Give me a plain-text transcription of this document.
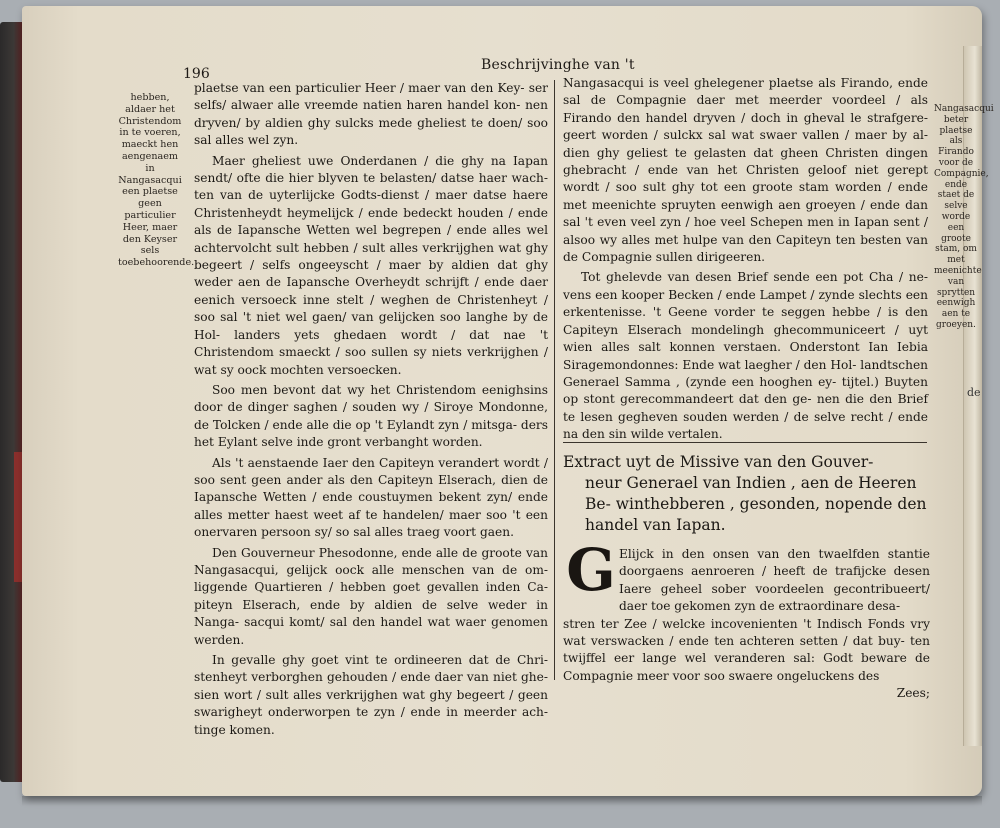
de
196
Beschrijvinghe van 't
hebben, aldaer het Christendom in te voeren, maeckt hen aengenaem in Nangasacqui een plaetse geen particulier Heer, maer den Keyser sels toebehoorende.

plaetse van een particulier Heer / maer van den Key- ser selfs/ alwaer alle vreemde natien haren handel kon- nen dryven/ by aldien ghy sulcks mede gheliest te doen/ soo sal alles wel zyn.

Maer gheliest uwe Onderdanen / die ghy na Iapan sendt/ ofte die hier blyven te belasten/ datse haer wach- ten van de uyterlijcke Godts-dienst / maer datse haere Christenheydt heymelijck / ende bedeckt houden / ende als de Iapansche Wetten wel begrepen / ende alles wel achtervolcht sult hebben / sult alles verkrijghen wat ghy begeert / selfs ongeeyscht / maer by aldien dat ghy weder aen de Iapansche Overheydt schrijft / ende daer eenich versoeck inne stelt / weghen de Christenheyt / soo sal 't niet wel gaen/ van gelijcken soo langhe by de Hol- landers yets ghedaen wordt / dat nae 't Christendom smaeckt / soo sullen sy niets verkrijghen / wat sy oock mochten versoecken.

Soo men bevont dat wy het Christendom eenighsins door de dinger saghen / souden wy / Siroye Mondonne, de Tolcken / ende alle die op 't Eylandt zyn / mitsga- ders het Eylant selve inde gront verbanght worden.

Als 't aenstaende Iaer den Capiteyn verandert wordt / soo sent geen ander als den Capiteyn Elserach, dien de Iapansche Wetten / ende coustuymen bekent zyn/ ende alles metter haest weet af te handelen/ maer soo 't een onervaren persoon sy/ so sal alles traeg voort gaen.

Den Gouverneur Phesodonne, ende alle de groote van Nangasacqui, gelijck oock alle menschen van de om- liggende Quartieren / hebben goet gevallen inden Ca- piteyn Elserach, ende by aldien de selve weder in Nanga- sacqui komt/ sal den handel wat waer genomen werden.

In gevalle ghy goet vint te ordineeren dat de Chri- stenheyt verborghen gehouden / ende daer van niet ghe- sien wort / sult alles verkrijghen wat ghy begeert / geen swarigheyt onderworpen te zyn / ende in meerder ach- tinge komen.

Nangasacqui is veel ghelegener plaetse als Firando, ende sal de Compagnie daer met meerder voordeel / als Firando den handel dryven / doch in gheval le strafgere- geert worden / sulckx sal wat swaer vallen / maer by al- dien ghy geliest te gelasten dat gheen Christen dingen ghebracht / ende van het Christen geloof niet gerept wordt / soo sult ghy tot een groote stam worden / ende met meenichte spruyten eenwigh aen groeyen / ende dan sal 't even veel zyn / hoe veel Schepen men in Iapan sent / alsoo wy alles met hulpe van den Capiteyn ten besten van de Compagnie sullen dirigeeren.

Tot ghelevde van desen Brief sende een pot Cha / ne- vens een kooper Becken / ende Lampet / zynde slechts een erkentenisse. 't Geene vorder te seggen hebbe / is den Capiteyn Elserach mondelingh ghecommuniceert / uyt wien alles salt konnen verstaen. Onderstont Ian Iebia Siragemondonnes: Ende wat laegher / den Hol- landtschen Generael Samma , (zynde een hooghen ey- tijtel.) Buyten op stont gerecommandeert dat den ge- nen die den Brief te lesen gegheven souden werden / de selve recht / ende na den sin wilde vertalen.

Nangasacqui beter plaetse als Firando voor de Compagnie, ende staet de selve worde een groote stam, om met meenichte van sprytten eenwigh aen te groeyen.
Extract uyt de Missive van den Gouver-
neur Generael van Indien , aen de Heeren Be- winthebberen , gesonden, nopende den handel van Iapan.
G Elijck in den onsen van den twaelfden stantie doorgaens aenroeren / heeft de trafijcke desen Iaere geheel sober voordeelen gecontribueert/ daer toe gekomen zyn de extraordinare desa-

stren ter Zee / welcke incovenienten 't Indisch Fonds vry wat verswacken / ende ten achteren setten / dat buy- ten twijffel eer lange wel veranderen sal: Godt beware de Compagnie meer voor soo swaere ongeluckens des

Zees;
